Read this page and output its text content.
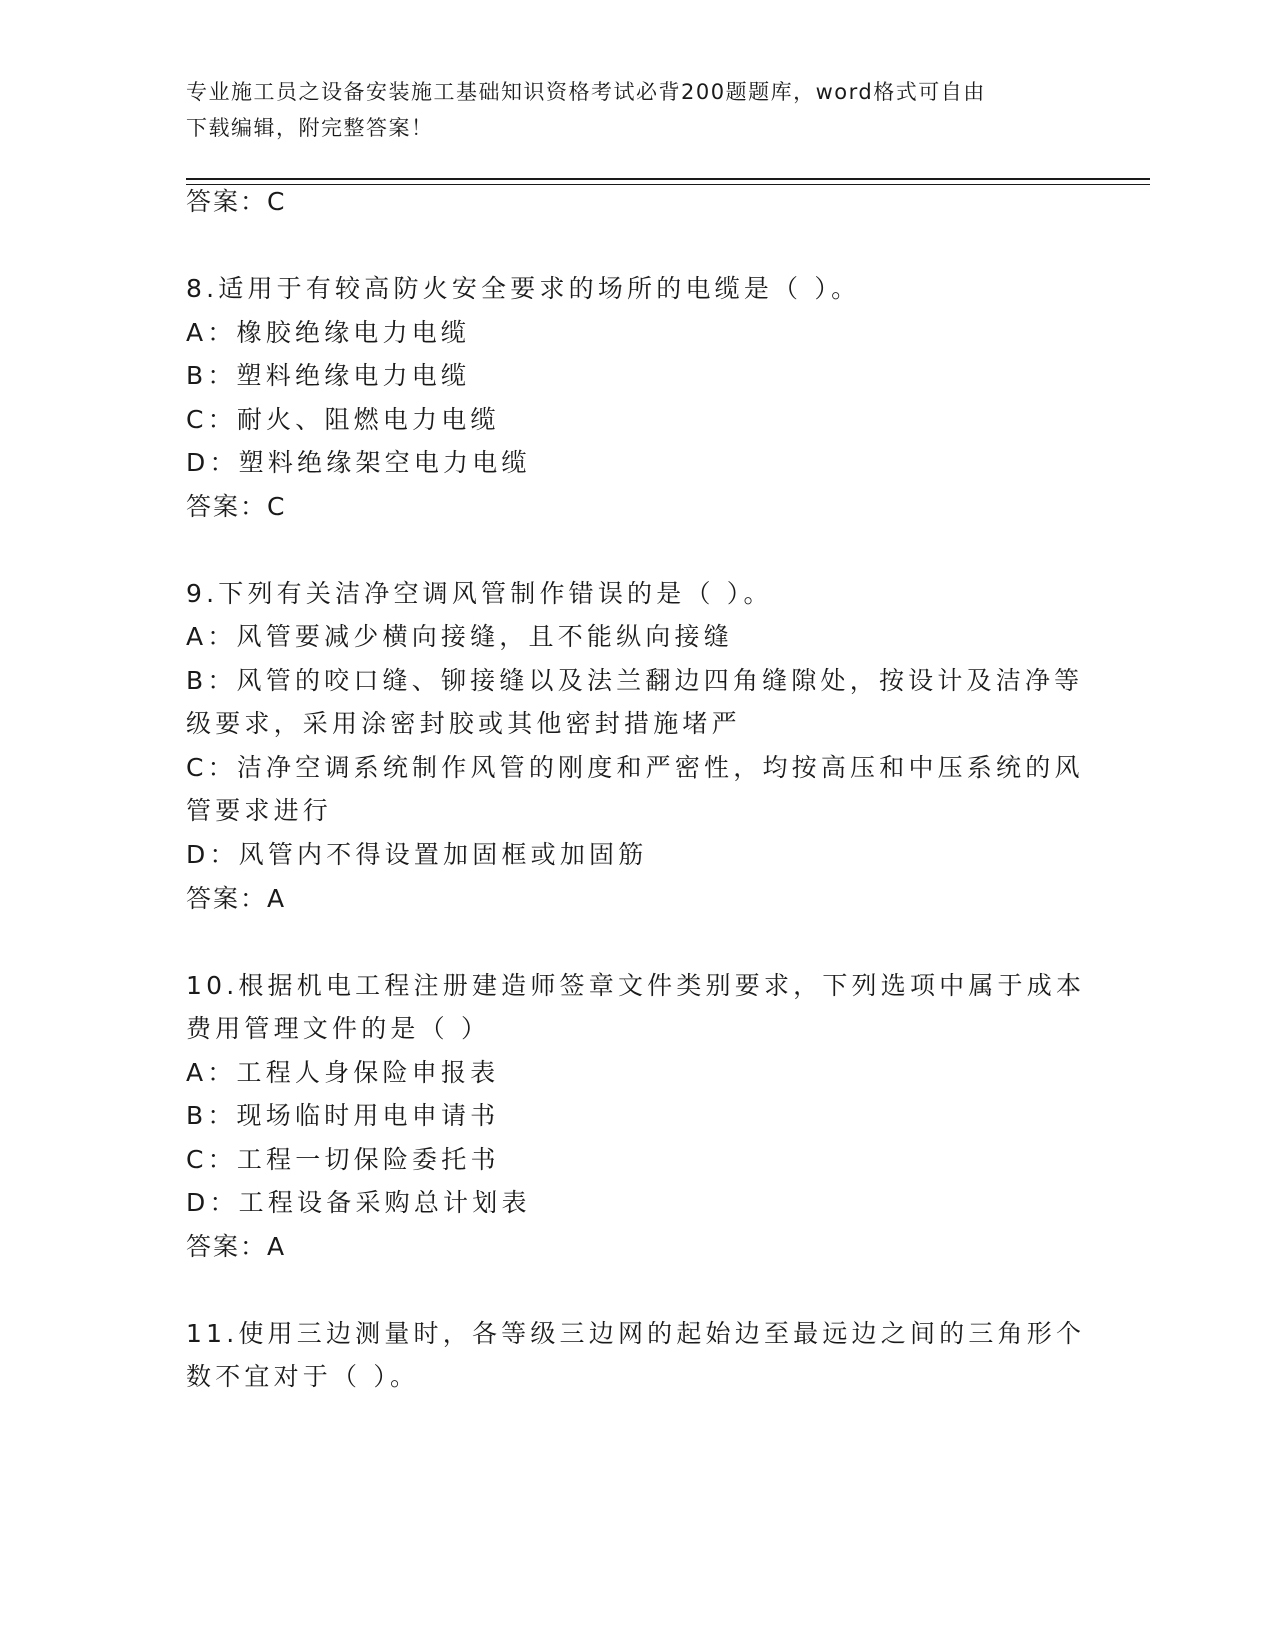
专业施工员之设备安装施工基础知识资格考试必背200题题库，word格式可自由
下载编辑，附完整答案！
答案：C
8.适用于有较高防火安全要求的场所的电缆是（ ）。
A：橡胶绝缘电力电缆
B：塑料绝缘电力电缆
C：耐火、阻燃电力电缆
D：塑料绝缘架空电力电缆
答案：C
9.下列有关洁净空调风管制作错误的是（ ）。
A：风管要减少横向接缝，且不能纵向接缝
B：风管的咬口缝、铆接缝以及法兰翻边四角缝隙处，按设计及洁净等
级要求，采用涂密封胶或其他密封措施堵严
C：洁净空调系统制作风管的刚度和严密性，均按高压和中压系统的风
管要求进行
D：风管内不得设置加固框或加固筋
答案：A
10.根据机电工程注册建造师签章文件类别要求，下列选项中属于成本
费用管理文件的是（ ）
A：工程人身保险申报表
B：现场临时用电申请书
C：工程一切保险委托书
D：工程设备采购总计划表
答案：A
11.使用三边测量时，各等级三边网的起始边至最远边之间的三角形个
数不宜对于（ ）。
